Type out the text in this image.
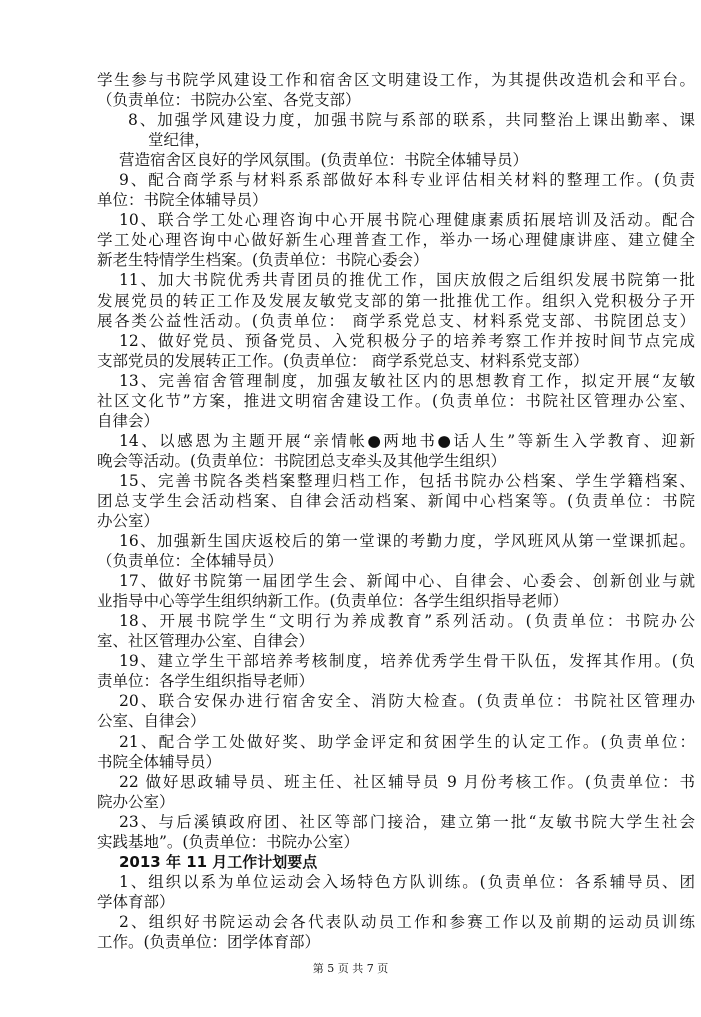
学生参与书院学风建设工作和宿舍区文明建设工作，为其提供改造机会和平台。
（负责单位：书院办公室、各党支部）
8、加强学风建设力度，加强书院与系部的联系，共同整治上课出勤率、课
堂纪律，
营造宿舍区良好的学风氛围。(负责单位：书院全体辅导员）
9、配合商学系与材料系系部做好本科专业评估相关材料的整理工作。(负责
单位：书院全体辅导员）
10、联合学工处心理咨询中心开展书院心理健康素质拓展培训及活动。配合
学工处心理咨询中心做好新生心理普查工作，举办一场心理健康讲座、建立健全
新老生特情学生档案。(负责单位：书院心委会）
11、加大书院优秀共青团员的推优工作，国庆放假之后组织发展书院第一批
发展党员的转正工作及发展友敏党支部的第一批推优工作。组织入党积极分子开
展各类公益性活动。(负责单位： 商学系党总支、材料系党支部、书院团总支）
12、做好党员、预备党员、入党积极分子的培养考察工作并按时间节点完成
支部党员的发展转正工作。(负责单位： 商学系党总支、材料系党支部）
13、完善宿舍管理制度，加强友敏社区内的思想教育工作，拟定开展“友敏
社区文化节”方案，推进文明宿舍建设工作。(负责单位：书院社区管理办公室、
自律会）
14、以感恩为主题开展“亲情帐●两地书●话人生”等新生入学教育、迎新
晚会等活动。(负责单位：书院团总支牵头及其他学生组织）
15、完善书院各类档案整理归档工作，包括书院办公档案、学生学籍档案、
团总支学生会活动档案、自律会活动档案、新闻中心档案等。(负责单位：书院
办公室）
16、加强新生国庆返校后的第一堂课的考勤力度，学风班风从第一堂课抓起。
（负责单位：全体辅导员）
17、做好书院第一届团学生会、新闻中心、自律会、心委会、创新创业与就
业指导中心等学生组织纳新工作。(负责单位：各学生组织指导老师）
18、开展书院学生“文明行为养成教育”系列活动。(负责单位：书院办公
室、社区管理办公室、自律会）
19、建立学生干部培养考核制度，培养优秀学生骨干队伍，发挥其作用。(负
责单位：各学生组织指导老师）
20、联合安保办进行宿舍安全、消防大检查。(负责单位：书院社区管理办
公室、自律会）
21、配合学工处做好奖、助学金评定和贫困学生的认定工作。(负责单位：
书院全体辅导员）
22 做好思政辅导员、班主任、社区辅导员 9 月份考核工作。(负责单位：书
院办公室）
23、与后溪镇政府团、社区等部门接洽，建立第一批“友敏书院大学生社会
实践基地”。(负责单位：书院办公室）
2013 年 11 月工作计划要点
1、组织以系为单位运动会入场特色方队训练。(负责单位：各系辅导员、团
学体育部）
2、组织好书院运动会各代表队动员工作和参赛工作以及前期的运动员训练
工作。(负责单位：团学体育部）
第 5 页 共 7 页
